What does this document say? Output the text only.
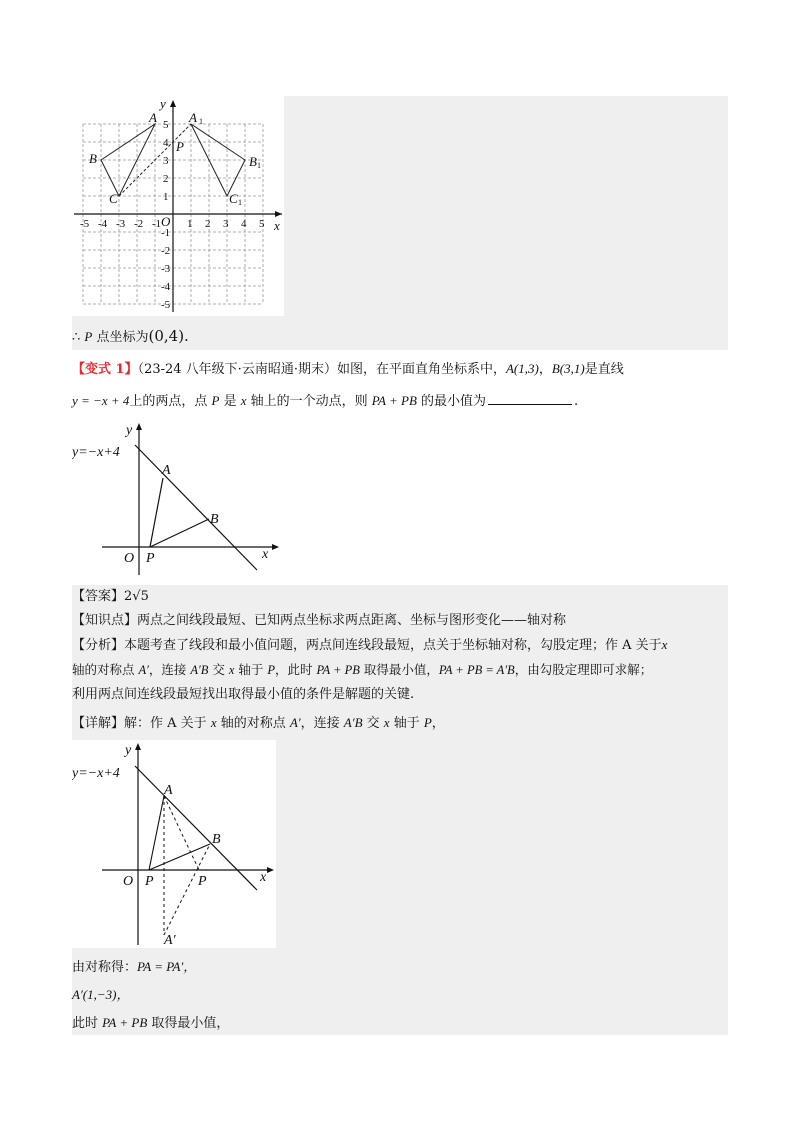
-5 -4 -3 -2 -1 1 2 3 4 5
5
4
3
2
1
-1
-2
-3
-4
-5
y
x
O
A
B
C
A
B
C
P
1
1
1
∴ P 点坐标为(0,4).
【变式 1】（23-24 八年级下·云南昭通·期末）如图，在平面直角坐标系中，A(1,3)，B(3,1)是直线
y = −x + 4上的两点，点 P 是 x 轴上的一个动点，则 PA + PB 的最小值为	.
y=−x+4
y
x
O P
A
B
【答案】2√5
【知识点】两点之间线段最短、已知两点坐标求两点距离、坐标与图形变化——轴对称
【分析】本题考查了线段和最小值问题，两点间连线段最短，点关于坐标轴对称，勾股定理；作 A 关于x
轴的对称点 A′，连接 A′B 交 x 轴于 P，此时 PA + PB 取得最小值，PA + PB = A′B，由勾股定理即可求解；
利用两点间连线段最短找出取得最小值的条件是解题的关键.
【详解】解：作 A 关于 x 轴的对称点 A′，连接 A′B 交 x 轴于 P，
y=−x+4
y
x
O P	P
A
B
A′
由对称得：PA = PA′，
A′(1,−3)，
此时 PA + PB 取得最小值，
